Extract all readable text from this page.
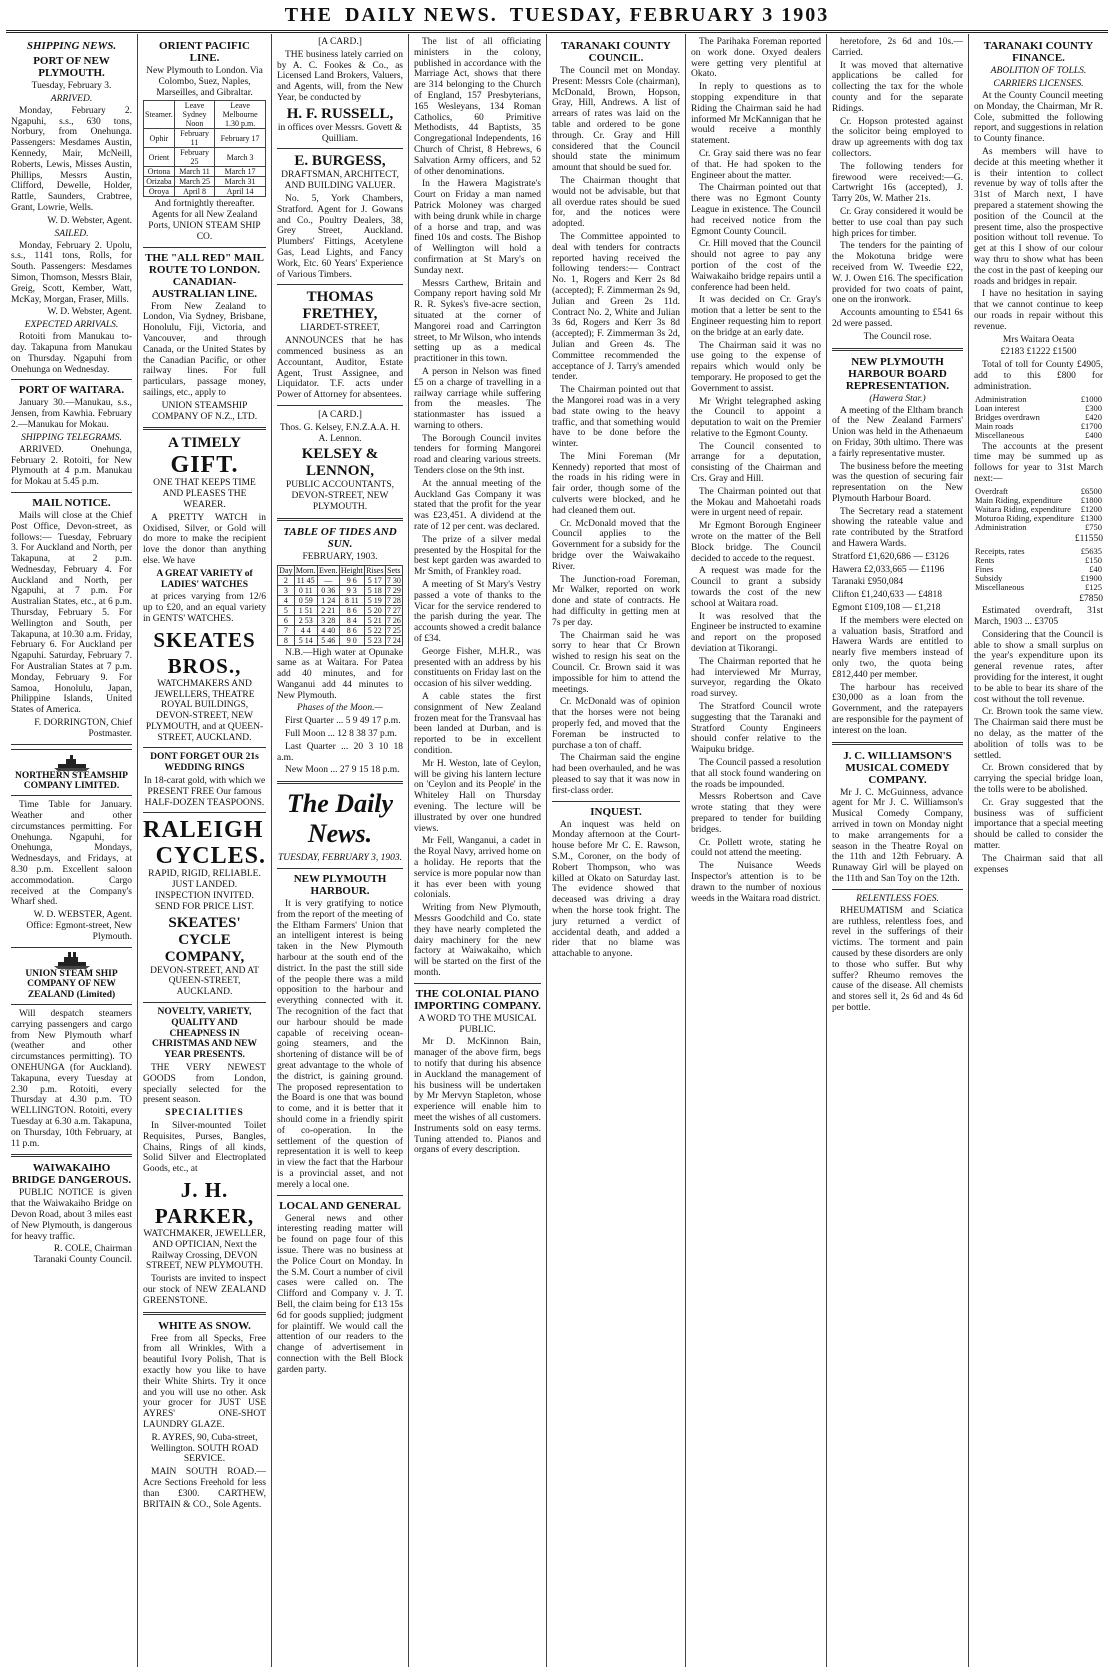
THE DAILY NEWS. TUESDAY, FEBRUARY 3 1903
SHIPPING NEWS.
PORT OF NEW PLYMOUTH.

Tuesday, February 3.

ARRIVED.

Monday, February 2. Ngapuhi, s.s., 630 tons, Norbury, from Onehunga. Passengers: Mesdames Austin, Kennedy, Mair, McNeill, Roberts, Lewis, Misses Austin, Phillips, Messrs Austin, Clifford, Dewelle, Holder, Rattle, Saunders, Crabtree, Grant, Lowrie, Wells.

W. D. Webster, Agent.

SAILED.

Monday, February 2. Upolu, s.s., 1141 tons, Rolls, for South. Passengers: Mesdames Simon, Thomson, Messrs Blair, Greig, Scott, Kember, Watt, McKay, Morgan, Fraser, Mills.

W. D. Webster, Agent.

EXPECTED ARRIVALS.

Rotoiti from Manukau to-day. Takapuna from Manukau on Thursday. Ngapuhi from Onehunga on Wednesday.

PORT OF WAITARA.

January 30.—Manukau, s.s., Jensen, from Kawhia. February 2.—Manukau for Mokau.

SHIPPING TELEGRAMS.

ARRIVED. Onehunga, February 2. Rotoiti, for New Plymouth at 4 p.m. Manukau for Mokau at 5.45 p.m.

MAIL NOTICE.

Mails will close at the Chief Post Office, Devon-street, as follows:— Tuesday, February 3. For Auckland and North, per Takapuna, at 2 p.m. Wednesday, February 4. For Auckland and North, per Ngapuhi, at 7 p.m. For Australian States, etc., at 6 p.m. Thursday, February 5. For Wellington and South, per Takapuna, at 10.30 a.m. Friday, February 6. For Auckland per Ngapuhi. Saturday, February 7. For Australian States at 7 p.m. Monday, February 9. For Samoa, Honolulu, Japan, Philippine Islands, United States of America.

F. DORRINGTON, Chief Postmaster.

NORTHERN STEAMSHIP COMPANY LIMITED.

Time Table for January. Weather and other circumstances permitting. For Onehunga. Ngapuhi, for Onehunga, Mondays, Wednesdays, and Fridays, at 8.30 p.m. Excellent saloon accommodation. Cargo received at the Company's Wharf shed.

W. D. WEBSTER, Agent. Office: Egmont-street, New Plymouth.

UNION STEAM SHIP COMPANY OF NEW ZEALAND (Limited)

Will despatch steamers carrying passengers and cargo from New Plymouth wharf (weather and other circumstances permitting). TO ONEHUNGA (for Auckland). Takapuna, every Tuesday at 2.30 p.m. Rotoiti, every Thursday at 4.30 p.m. TO WELLINGTON. Rotoiti, every Tuesday at 6.30 a.m. Takapuna, on Thursday, 10th February, at 11 p.m.

WAIWAKAIHO BRIDGE DANGEROUS.

PUBLIC NOTICE is given that the Waiwakaiho Bridge on Devon Road, about 3 miles east of New Plymouth, is dangerous for heavy traffic.

R. COLE, Chairman Taranaki County Council.

ORIENT PACIFIC LINE.

New Plymouth to London. Via Colombo, Suez, Naples, Marseilles, and Gibraltar.

Steamer.	Leave Sydney Noon	Leave Melbourne 1.30 p.m.
Ophir	February 11	February 17
Orient	February 25	March 3
Ortona	March 11	March 17
Orizaba	March 25	March 31
Oroya	April 8	April 14

And fortnightly thereafter. Agents for all New Zealand Ports, UNION STEAM SHIP CO.

THE "ALL RED" MAIL ROUTE TO LONDON. CANADIAN-AUSTRALIAN LINE.

From New Zealand to London, Via Sydney, Brisbane, Honolulu, Fiji, Victoria, and Vancouver, and through Canada, or the United States by the Canadian Pacific, or other railway lines. For full particulars, passage money, sailings, etc., apply to

UNION STEAMSHIP COMPANY OF N.Z., LTD.

A TIMELY
GIFT.

ONE THAT KEEPS TIME AND PLEASES THE WEARER.

A PRETTY WATCH in Oxidised, Silver, or Gold will do more to make the recipient love the donor than anything else. We have

A GREAT VARIETY of LADIES' WATCHES

at prices varying from 12/6 up to £20, and an equal variety in GENTS' WATCHES.

SKEATES BROS.,

WATCHMAKERS AND JEWELLERS, THEATRE ROYAL BUILDINGS, DEVON-STREET, NEW PLYMOUTH, and at QUEEN-STREET, AUCKLAND.

DONT FORGET OUR 21s WEDDING RINGS

In 18-carat gold, with which we PRESENT FREE Our famous HALF-DOZEN TEASPOONS.

RALEIGH
CYCLES.

RAPID, RIGID, RELIABLE. JUST LANDED. INSPECTION INVITED. SEND FOR PRICE LIST.

SKEATES' CYCLE COMPANY,

DEVON-STREET, AND AT QUEEN-STREET, AUCKLAND.

NOVELTY, VARIETY, QUALITY AND CHEAPNESS IN CHRISTMAS AND NEW YEAR PRESENTS.

THE VERY NEWEST GOODS from London, specially selected for the present season.

SPECIALITIES

In Silver-mounted Toilet Requisites, Purses, Bangles, Chains, Rings of all kinds, Solid Silver and Electroplated Goods, etc., at

J. H. PARKER,

WATCHMAKER, JEWELLER, AND OPTICIAN, Next the Railway Crossing, DEVON STREET, NEW PLYMOUTH.

Tourists are invited to inspect our stock of NEW ZEALAND GREENSTONE.

WHITE AS SNOW.

Free from all Specks, Free from all Wrinkles, With a beautiful Ivory Polish, That is exactly how you like to have their White Shirts. Try it once and you will use no other. Ask your grocer for JUST USE AYRES' ONE-SHOT LAUNDRY GLAZE.

R. AYRES, 90, Cuba-street, Wellington. SOUTH ROAD SERVICE.

MAIN SOUTH ROAD.—Acre Sections Freehold for less than £300. CARTHEW, BRITAIN & CO., Sole Agents.

[A CARD.]

THE business lately carried on by A. C. Fookes & Co., as Licensed Land Brokers, Valuers, and Agents, will, from the New Year, be conducted by

H. F. RUSSELL,

in offices over Messrs. Govett & Quilliam.

E. BURGESS,

DRAFTSMAN, ARCHITECT, AND BUILDING VALUER.

No. 5, York Chambers, Stratford. Agent for J. Gowans and Co., Poultry Dealers, 38, Grey Street, Auckland. Plumbers' Fittings, Acetylene Gas, Lead Lights, and Fancy Work, Etc. 60 Years' Experience of Various Timbers.

THOMAS FRETHEY,

LIARDET-STREET,

ANNOUNCES that he has commenced business as an Accountant, Auditor, Estate Agent, Trust Assignee, and Liquidator. T.F. acts under Power of Attorney for absentees.

[A CARD.]

Thos. G. Kelsey, F.N.Z.A.A. H. A. Lennon.

KELSEY & LENNON,

PUBLIC ACCOUNTANTS, DEVON-STREET, NEW PLYMOUTH.

TABLE OF TIDES AND SUN.

FEBRUARY, 1903.

Day	Morn.	Even.	Height	Rises	Sets
2	11 45	—	9 6	5 17	7 30
3	0 11	0 36	9 3	5 18	7 29
4	0 59	1 24	8 11	5 19	7 28
5	1 51	2 21	8 6	5 20	7 27
6	2 53	3 28	8 4	5 21	7 26
7	4 4	4 40	8 6	5 22	7 25
8	5 14	5 46	9 0	5 23	7 24

N.B.—High water at Opunake same as at Waitara. For Patea add 40 minutes, and for Wanganui add 44 minutes to New Plymouth.

Phases of the Moon.—

First Quarter ... 5 9 49 17 p.m.

Full Moon ... 12 8 38 37 p.m.

Last Quarter ... 20 3 10 18 a.m.

New Moon ... 27 9 15 18 p.m.

The Daily News.

TUESDAY, FEBRUARY 3, 1903.

NEW PLYMOUTH HARBOUR.

It is very gratifying to notice from the report of the meeting of the Eltham Farmers' Union that an intelligent interest is being taken in the New Plymouth harbour at the south end of the district. In the past the still side of the people there was a mild opposition to the harbour and everything connected with it. The recognition of the fact that our harbour should be made capable of receiving ocean-going steamers, and the shortening of distance will be of great advantage to the whole of the district, is gaining ground. The proposed representation to the Board is one that was bound to come, and it is better that it should come in a friendly spirit of co-operation. In the settlement of the question of representation it is well to keep in view the fact that the Harbour is a provincial asset, and not merely a local one.

LOCAL AND GENERAL

General news and other interesting reading matter will be found on page four of this issue. There was no business at the Police Court on Monday. In the S.M. Court a number of civil cases were called on. The Clifford and Company v. J. T. Bell, the claim being for £13 15s 6d for goods supplied; judgment for plaintiff. We would call the attention of our readers to the change of advertisement in connection with the Bell Block garden party.

The list of all officiating ministers in the colony, published in accordance with the Marriage Act, shows that there are 314 belonging to the Church of England, 157 Presbyterians, 165 Wesleyans, 134 Roman Catholics, 60 Primitive Methodists, 44 Baptists, 35 Congregational Independents, 16 Church of Christ, 8 Hebrews, 6 Salvation Army officers, and 52 of other denominations.

In the Hawera Magistrate's Court on Friday a man named Patrick Moloney was charged with being drunk while in charge of a horse and trap, and was fined 10s and costs. The Bishop of Wellington will hold a confirmation at St Mary's on Sunday next.

Messrs Carthew, Britain and Company report having sold Mr R. R. Sykes's five-acre section, situated at the corner of Mangorei road and Carrington street, to Mr Wilson, who intends setting up as a medical practitioner in this town.

A person in Nelson was fined £5 on a charge of travelling in a railway carriage while suffering from the measles. The stationmaster has issued a warning to others.

The Borough Council invites tenders for forming Mangorei road and clearing various streets. Tenders close on the 9th inst.

At the annual meeting of the Auckland Gas Company it was stated that the profit for the year was £23,451. A dividend at the rate of 12 per cent. was declared.

The prize of a silver medal presented by the Hospital for the best kept garden was awarded to Mr Smith, of Frankley road.

A meeting of St Mary's Vestry passed a vote of thanks to the Vicar for the service rendered to the parish during the year. The accounts showed a credit balance of £34.

George Fisher, M.H.R., was presented with an address by his constituents on Friday last on the occasion of his silver wedding.

A cable states the first consignment of New Zealand frozen meat for the Transvaal has been landed at Durban, and is reported to be in excellent condition.

Mr H. Weston, late of Ceylon, will be giving his lantern lecture on 'Ceylon and its People' in the Whiteley Hall on Thursday evening. The lecture will be illustrated by over one hundred views.

Mr Fell, Wanganui, a cadet in the Royal Navy, arrived home on a holiday. He reports that the service is more popular now than it has ever been with young colonials.

Writing from New Plymouth, Messrs Goodchild and Co. state they have nearly completed the dairy machinery for the new factory at Waiwakaiho, which will be started on the first of the month.

THE COLONIAL PIANO IMPORTING COMPANY.

A WORD TO THE MUSICAL PUBLIC.

Mr D. McKinnon Bain, manager of the above firm, begs to notify that during his absence in Auckland the management of his business will be undertaken by Mr Mervyn Stapleton, whose experience will enable him to meet the wishes of all customers. Instruments sold on easy terms. Tuning attended to. Pianos and organs of every description.

TARANAKI COUNTY COUNCIL.

The Council met on Monday. Present: Messrs Cole (chairman), McDonald, Brown, Hopson, Gray, Hill, Andrews. A list of arrears of rates was laid on the table and ordered to be gone through. Cr. Gray and Hill considered that the Council should state the minimum amount that should be sued for.

The Chairman thought that would not be advisable, but that all overdue rates should be sued for, and the notices were adopted.

The Committee appointed to deal with tenders for contracts reported having received the following tenders:— Contract No. 1, Rogers and Kerr 2s 8d (accepted); F. Zimmerman 2s 9d, Julian and Green 2s 11d. Contract No. 2, White and Julian 3s 6d, Rogers and Kerr 3s 8d (accepted); F. Zimmerman 3s 2d, Julian and Green 4s. The Committee recommended the acceptance of J. Tarry's amended tender.

The Chairman pointed out that the Mangorei road was in a very bad state owing to the heavy traffic, and that something would have to be done before the winter.

The Mini Foreman (Mr Kennedy) reported that most of the roads in his riding were in fair order, though some of the culverts were blocked, and he had cleaned them out.

Cr. McDonald moved that the Council applies to the Government for a subsidy for the bridge over the Waiwakaiho River.

The Junction-road Foreman, Mr Walker, reported on work done and state of contracts. He had difficulty in getting men at 7s per day.

The Chairman said he was sorry to hear that Cr Brown wished to resign his seat on the Council. Cr. Brown said it was impossible for him to attend the meetings.

Cr. McDonald was of opinion that the horses were not being properly fed, and moved that the Foreman be instructed to purchase a ton of chaff.

The Chairman said the engine had been overhauled, and he was pleased to say that it was now in first-class order.

INQUEST.

An inquest was held on Monday afternoon at the Court-house before Mr C. E. Rawson, S.M., Coroner, on the body of Robert Thompson, who was killed at Okato on Saturday last. The evidence showed that deceased was driving a dray when the horse took fright. The jury returned a verdict of accidental death, and added a rider that no blame was attachable to anyone.

The Parihaka Foreman reported on work done. Oxyed dealers were getting very plentiful at Okato.

In reply to questions as to stopping expenditure in that Riding the Chairman said he had informed Mr McKannigan that he would receive a monthly statement.

Cr. Gray said there was no fear of that. He had spoken to the Engineer about the matter.

The Chairman pointed out that there was no Egmont County League in existence. The Council had received notice from the Egmont County Council.

Cr. Hill moved that the Council should not agree to pay any portion of the cost of the Waiwakaiho bridge repairs until a conference had been held.

It was decided on Cr. Gray's motion that a letter be sent to the Engineer requesting him to report on the bridge at an early date.

The Chairman said it was no use going to the expense of repairs which would only be temporary. He proposed to get the Government to assist.

Mr Wright telegraphed asking the Council to appoint a deputation to wait on the Premier relative to the Egmont County.

The Council consented to arrange for a deputation, consisting of the Chairman and Crs. Gray and Hill.

The Chairman pointed out that the Mokau and Mahoetahi roads were in urgent need of repair.

Mr Egmont Borough Engineer wrote on the matter of the Bell Block bridge. The Council decided to accede to the request.

A request was made for the Council to grant a subsidy towards the cost of the new school at Waitara road.

It was resolved that the Engineer be instructed to examine and report on the proposed deviation at Tikorangi.

The Chairman reported that he had interviewed Mr Murray, surveyor, regarding the Okato road survey.

The Stratford Council wrote suggesting that the Taranaki and Stratford County Engineers should confer relative to the Waipuku bridge.

The Council passed a resolution that all stock found wandering on the roads be impounded.

Messrs Robertson and Cave wrote stating that they were prepared to tender for building bridges.

Cr. Pollett wrote, stating he could not attend the meeting.

The Nuisance Weeds Inspector's attention is to be drawn to the number of noxious weeds in the Waitara road district.

heretofore, 2s 6d and 10s.—Carried.

It was moved that alternative applications be called for collecting the tax for the whole county and for the separate Ridings.

Cr. Hopson protested against the solicitor being employed to draw up agreements with dog tax collectors.

The following tenders for firewood were received:—G. Cartwright 16s (accepted), J. Tarry 20s, W. Mather 21s.

Cr. Gray considered it would be better to use coal than pay such high prices for timber.

The tenders for the painting of the Mokotuna bridge were received from W. Tweedie £22, W. J. Owen £16. The specification provided for two coats of paint, one on the ironwork.

Accounts amounting to £541 6s 2d were passed.

The Council rose.

NEW PLYMOUTH HARBOUR BOARD REPRESENTATION.
(Hawera Star.)

A meeting of the Eltham branch of the New Zealand Farmers' Union was held in the Athenaeum on Friday, 30th ultimo. There was a fairly representative muster.

The business before the meeting was the question of securing fair representation on the New Plymouth Harbour Board.

The Secretary read a statement showing the rateable value and rate contributed by the Stratford and Hawera Wards.

Stratford £1,620,686 — £3126

Hawera £2,033,665 — £1196

Taranaki £950,084

Clifton £1,240,633 — £4818

Egmont £109,108 — £1,218

If the members were elected on a valuation basis, Stratford and Hawera Wards are entitled to nearly five members instead of only two, the quota being £812,440 per member.

The harbour has received £30,000 as a loan from the Government, and the ratepayers are responsible for the payment of interest on the loan.

J. C. WILLIAMSON'S MUSICAL COMEDY COMPANY.

Mr J. C. McGuinness, advance agent for Mr J. C. Williamson's Musical Comedy Company, arrived in town on Monday night to make arrangements for a season in the Theatre Royal on the 11th and 12th February. A Runaway Girl will be played on the 11th and San Toy on the 12th.

RELENTLESS FOES.

RHEUMATISM and Sciatica are ruthless, relentless foes, and revel in the sufferings of their victims. The torment and pain caused by these disorders are only to those who suffer. But why suffer? Rheumo removes the cause of the disease. All chemists and stores sell it, 2s 6d and 4s 6d per bottle.

TARANAKI COUNTY FINANCE.
ABOLITION OF TOLLS.
CARRIERS LICENSES.

At the County Council meeting on Monday, the Chairman, Mr R. Cole, submitted the following report, and suggestions in relation to County finance.

As members will have to decide at this meeting whether it is their intention to collect revenue by way of tolls after the 31st of March next, I have prepared a statement showing the position of the Council at the present time, also the prospective position without toll revenue. To get at this I show of our colour way thru to show what has been the cost in the past of keeping our roads and bridges in repair.

I have no hesitation in saying that we cannot continue to keep our roads in repair without this revenue.

Mrs Waitara Oeata

£2183 £1222 £1500

Total of toll for County £4905, add to this £800 for administration.

Administration	£1000
Loan interest	£300
Bridges overdrawn	£420
Main roads	£1700
Miscellaneous	£400

The accounts at the present time may be summed up as follows for year to 31st March next:—

Overdraft	£6500
Main Riding, expenditure	£1800
Waitara Riding, expenditure	£1200
Moturoa Riding, expenditure	£1300
Administration	£750

£11550

Receipts, rates	£5635
Rents	£150
Fines	£40
Subsidy	£1900
Miscellaneous	£125

£7850

Estimated overdraft, 31st March, 1903 ... £3705

Considering that the Council is able to show a small surplus on the year's expenditure upon its general revenue rates, after providing for the interest, it ought to be able to bear its share of the cost without the toll revenue.

Cr. Brown took the same view. The Chairman said there must be no delay, as the matter of the abolition of tolls was to be settled.

Cr. Brown considered that by carrying the special bridge loan, the tolls were to be abolished.

Cr. Gray suggested that the business was of sufficient importance that a special meeting should be called to consider the matter.

The Chairman said that all expenses
